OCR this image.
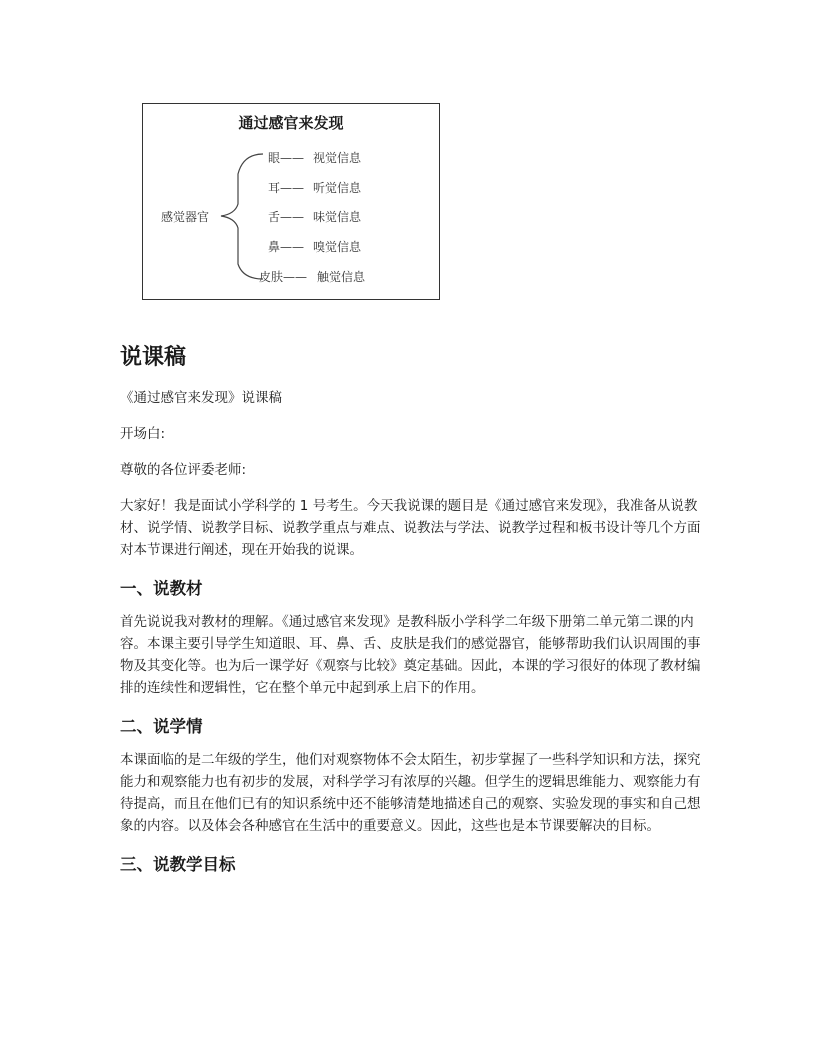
通过感官来发现
感觉器官
眼—— 视觉信息
耳—— 听觉信息
舌—— 味觉信息
鼻—— 嗅觉信息
皮肤—— 触觉信息
说课稿

《通过感官来发现》说课稿

开场白:

尊敬的各位评委老师:

大家好！我是面试小学科学的 1 号考生。今天我说课的题目是《通过感官来发现》，我准备从说教材、说学情、说教学目标、说教学重点与难点、说教法与学法、说教学过程和板书设计等几个方面对本节课进行阐述，现在开始我的说课。

一、说教材

首先说说我对教材的理解。《通过感官来发现》是教科版小学科学二年级下册第二单元第二课的内容。本课主要引导学生知道眼、耳、鼻、舌、皮肤是我们的感觉器官，能够帮助我们认识周围的事物及其变化等。也为后一课学好《观察与比较》奠定基础。因此，本课的学习很好的体现了教材编排的连续性和逻辑性，它在整个单元中起到承上启下的作用。

二、说学情

本课面临的是二年级的学生，他们对观察物体不会太陌生，初步掌握了一些科学知识和方法，探究能力和观察能力也有初步的发展，对科学学习有浓厚的兴趣。但学生的逻辑思维能力、观察能力有待提高，而且在他们已有的知识系统中还不能够清楚地描述自己的观察、实验发现的事实和自己想象的内容。以及体会各种感官在生活中的重要意义。因此，这些也是本节课要解决的目标。

三、说教学目标
